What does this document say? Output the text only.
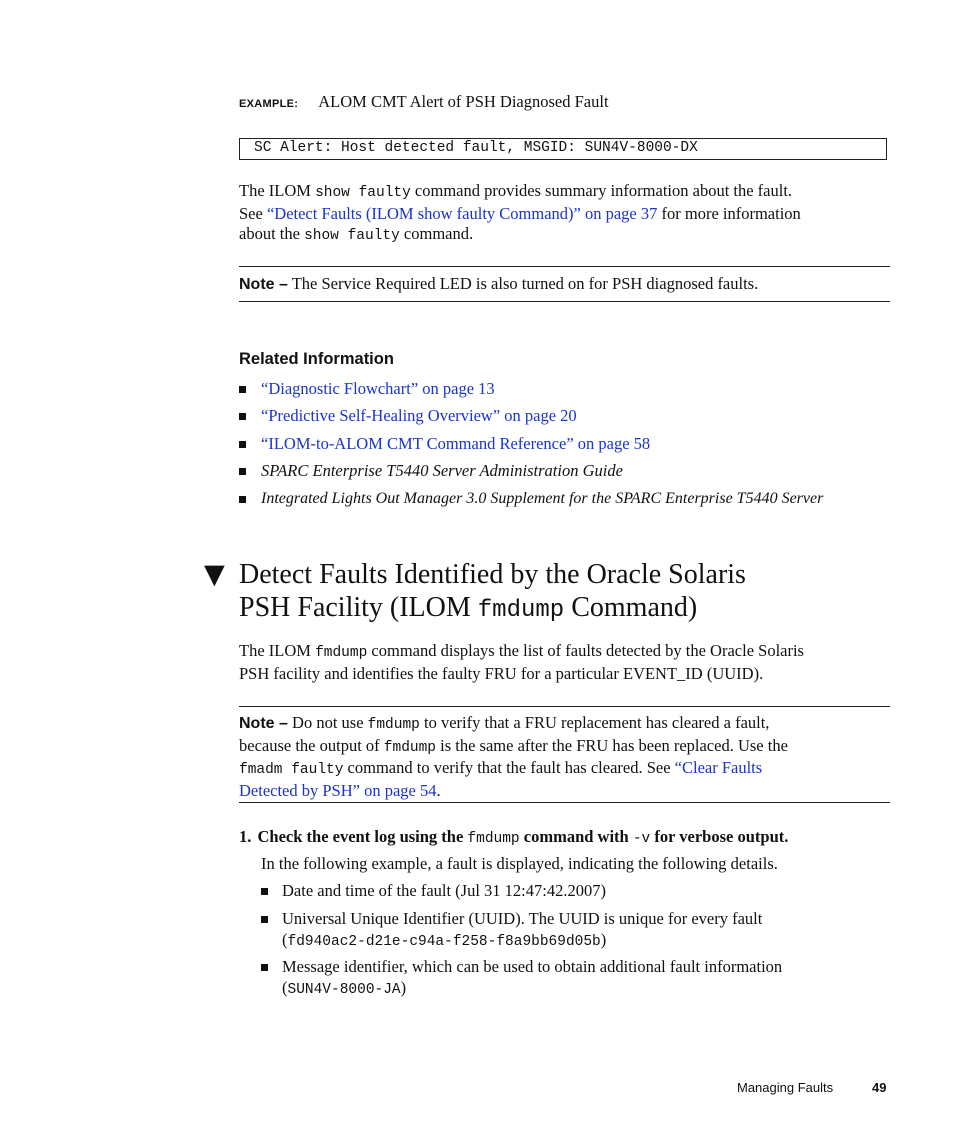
EXAMPLE: ALOM CMT Alert of PSH Diagnosed Fault
SC Alert: Host detected fault, MSGID: SUN4V-8000-DX
The ILOM show faulty command provides summary information about the fault.
See “Detect Faults (ILOM show faulty Command)” on page 37 for more information
about the show faulty command.
Note – The Service Required LED is also turned on for PSH diagnosed faults.
Related Information
“Diagnostic Flowchart” on page 13
“Predictive Self-Healing Overview” on page 20
“ILOM-to-ALOM CMT Command Reference” on page 58
SPARC Enterprise T5440 Server Administration Guide
Integrated Lights Out Manager 3.0 Supplement for the SPARC Enterprise T5440 Server
▼ Detect Faults Identified by the Oracle Solaris
PSH Facility (ILOM fmdump Command)
The ILOM fmdump command displays the list of faults detected by the Oracle Solaris
PSH facility and identifies the faulty FRU for a particular EVENT_ID (UUID).
Note – Do not use fmdump to verify that a FRU replacement has cleared a fault,
because the output of fmdump is the same after the FRU has been replaced. Use the
fmadm faulty command to verify that the fault has cleared. See “Clear Faults
Detected by PSH” on page 54.
1. Check the event log using the fmdump command with -v for verbose output.
In the following example, a fault is displayed, indicating the following details.
Date and time of the fault (Jul 31 12:47:42.2007)
Universal Unique Identifier (UUID). The UUID is unique for every fault
(fd940ac2-d21e-c94a-f258-f8a9bb69d05b)
Message identifier, which can be used to obtain additional fault information
(SUN4V-8000-JA)
Managing Faults	49
